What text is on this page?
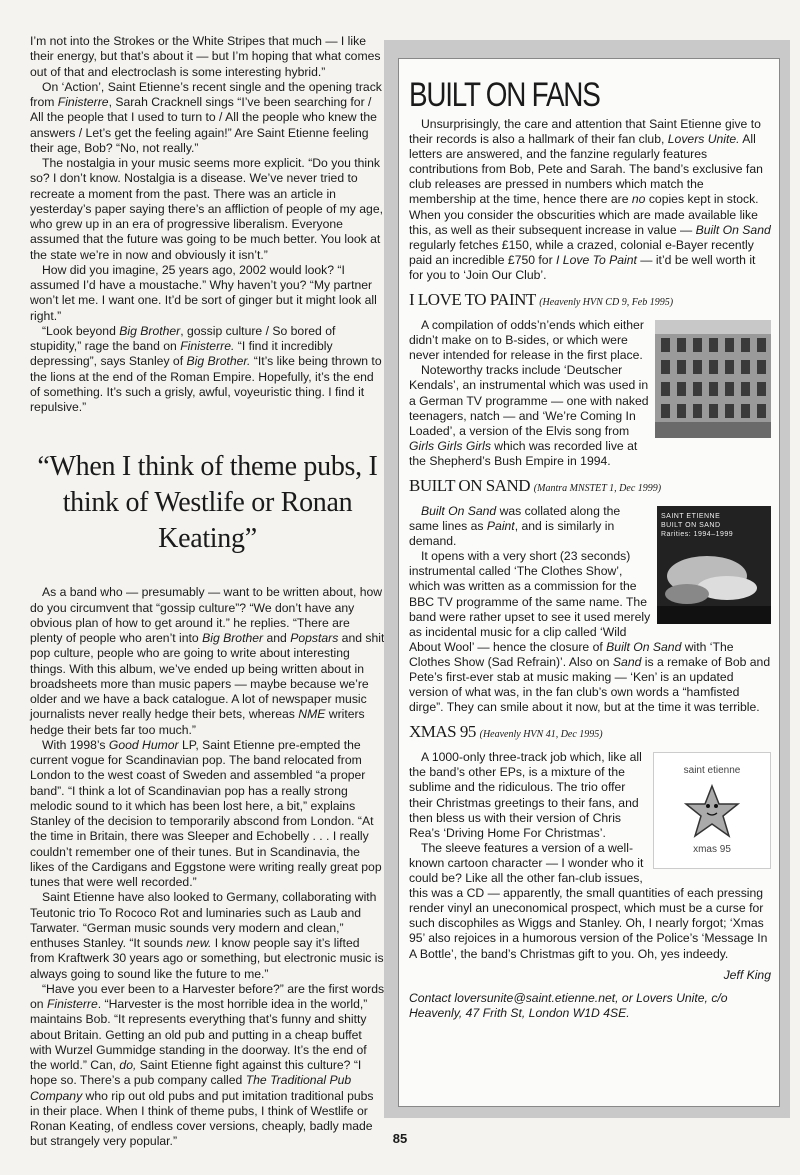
I’m not into the Strokes or the White Stripes that much — I like their energy, but that’s about it — but I’m hoping that what comes out of that and electroclash is some interesting hybrid.”

On ‘Action’, Saint Etienne’s recent single and the opening track from Finisterre, Sarah Cracknell sings “I’ve been searching for / All the people that I used to turn to / All the people who knew the answers / Let’s get the feeling again!” Are Saint Etienne feeling their age, Bob? “No, not really.”

The nostalgia in your music seems more explicit. “Do you think so? I don’t know. Nostalgia is a disease. We’ve never tried to recreate a moment from the past. There was an article in yesterday’s paper saying there’s an affliction of people of my age, who grew up in an era of progressive liberalism. Everyone assumed that the future was going to be much better. You look at the state we’re in now and obviously it isn’t.”

How did you imagine, 25 years ago, 2002 would look? “I assumed I’d have a moustache.” Why haven’t you? “My partner won’t let me. I want one. It’d be sort of ginger but it might look all right.”

“Look beyond Big Brother, gossip culture / So bored of stupidity,” rage the band on Finisterre. “I find it incredibly depressing”, says Stanley of Big Brother. “It’s like being thrown to the lions at the end of the Roman Empire. Hopefully, it’s the end of something. It’s such a grisly, awful, voyeuristic thing. I find it repulsive.”

“When I think of theme pubs, I think of Westlife or Ronan Keating”

As a band who — presumably — want to be written about, how do you circumvent that “gossip culture”? “We don’t have any obvious plan of how to get around it.” he replies. “There are plenty of people who aren’t into Big Brother and Popstars and shit pop culture, people who are going to write about interesting things. With this album, we’ve ended up being written about in broadsheets more than music papers — maybe because we’re older and we have a back catalogue. A lot of newspaper music journalists never really hedge their bets, whereas NME writers hedge their bets far too much.”

With 1998’s Good Humor LP, Saint Etienne pre-empted the current vogue for Scandinavian pop. The band relocated from London to the west coast of Sweden and assembled “a proper band”. “I think a lot of Scandinavian pop has a really strong melodic sound to it which has been lost here, a bit,” explains Stanley of the decision to temporarily abscond from London. “At the time in Britain, there was Sleeper and Echobelly . . . I really couldn’t remember one of their tunes. But in Scandinavia, the likes of the Cardigans and Eggstone were writing really great pop tunes that were well recorded.”

Saint Etienne have also looked to Germany, collaborating with Teutonic trio To Rococo Rot and luminaries such as Laub and Tarwater. “German music sounds very modern and clean,” enthuses Stanley. “It sounds new. I know people say it’s lifted from Kraftwerk 30 years ago or something, but electronic music is always going to sound like the future to me.”

“Have you ever been to a Harvester before?” are the first words on Finisterre. “Harvester is the most horrible idea in the world,” maintains Bob. “It represents everything that’s funny and shitty about Britain. Getting an old pub and putting in a cheap buffet with Wurzel Gummidge standing in the doorway. It’s the end of the world.” Can, do, Saint Etienne fight against this culture? “I hope so. There’s a pub company called The Traditional Pub Company who rip out old pubs and put imitation traditional pubs in their place. When I think of theme pubs, I think of Westlife or Ronan Keating, of endless cover versions, cheaply, badly made but strangely very popular.”

BUILT ON FANS

Unsurprisingly, the care and attention that Saint Etienne give to their records is also a hallmark of their fan club, Lovers Unite. All letters are answered, and the fanzine regularly features contributions from Bob, Pete and Sarah. The band’s exclusive fan club releases are pressed in numbers which match the membership at the time, hence there are no copies kept in stock. When you consider the obscurities which are made available like this, as well as their subsequent increase in value — Built On Sand regularly fetches £150, while a crazed, colonial e-Bayer recently paid an incredible £750 for I Love To Paint — it’d be well worth it for you to ‘Join Our Club’.

I LOVE TO PAINT (Heavenly HVN CD 9, Feb 1995)

A compilation of odds’n’ends which either didn’t make on to B-sides, or which were never intended for release in the first place.

Noteworthy tracks include ‘Deutscher Kendals’, an instrumental which was used in a German TV programme — one with naked teenagers, natch — and ‘We’re Coming In Loaded’, a version of the Elvis song from Girls Girls Girls which was recorded live at the Shepherd’s Bush Empire in 1994.

BUILT ON SAND (Mantra MNSTET 1, Dec 1999)
SAINT ETIENNE
BUILT ON SAND
Rarities: 1994–1999

Built On Sand was collated along the same lines as Paint, and is similarly in demand.

It opens with a very short (23 seconds) instrumental called ‘The Clothes Show’, which was written as a commission for the BBC TV programme of the same name. The band were rather upset to see it used merely as incidental music for a clip called ‘Wild About Wool’ — hence the closure of Built On Sand with ‘The Clothes Show (Sad Refrain)’. Also on Sand is a remake of Bob and Pete’s first-ever stab at music making — ‘Ken’ is an updated version of what was, in the fan club’s own words a “hamfisted dirge”. They can smile about it now, but at the time it was terrible.

XMAS 95 (Heavenly HVN 41, Dec 1995)
saint etienne
xmas 95

A 1000-only three-track job which, like all the band’s other EPs, is a mixture of the sublime and the ridiculous. The trio offer their Christmas greetings to their fans, and then bless us with their version of Chris Rea’s ‘Driving Home For Christmas’.

The sleeve features a version of a well-known cartoon character — I wonder who it could be? Like all the other fan-club issues, this was a CD — apparently, the small quantities of each pressing render vinyl an uneconomical prospect, which must be a curse for such discophiles as Wiggs and Stanley. Oh, I nearly forgot; ‘Xmas 95’ also rejoices in a humorous version of the Police’s ‘Message In A Bottle’, the band’s Christmas gift to you. Oh, yes indeedy.

Jeff King
Contact loversunite@saint.etienne.net, or Lovers Unite, c/o Heavenly, 47 Frith St, London W1D 4SE.
85
